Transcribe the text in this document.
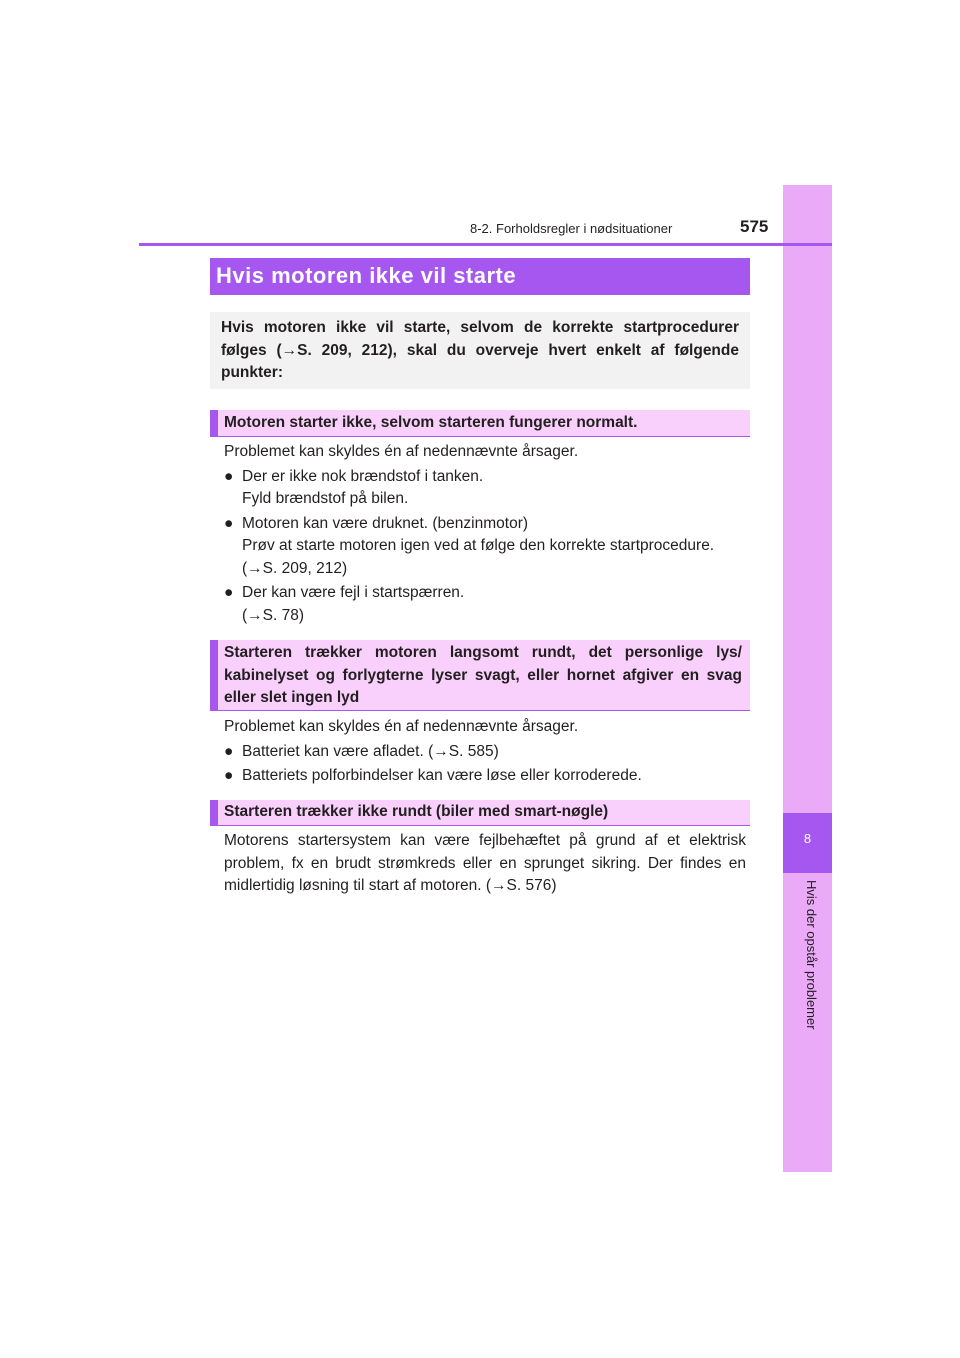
8
Hvis der opstår problemer
8-2. Forholdsregler i nødsituationer	575
Hvis motoren ikke vil starte
Hvis motoren ikke vil starte, selvom de korrekte startprocedurer følges (→S. 209, 212), skal du overveje hvert enkelt af følgende punkter:
Motoren starter ikke, selvom starteren fungerer normalt.

Problemet kan skyldes én af nedennævnte årsager.

● Der er ikke nok brændstof i tanken.
Fyld brændstof på bilen.
● Motoren kan være druknet. (benzinmotor)
Prøv at starte motoren igen ved at følge den korrekte startprocedure. (→S. 209, 212)
● Der kan være fejl i startspærren.
(→S. 78)
Starteren trækker motoren langsomt rundt, det personlige lys/ kabinelyset og forlygterne lyser svagt, eller hornet afgiver en svag eller slet ingen lyd

Problemet kan skyldes én af nedennævnte årsager.

● Batteriet kan være afladet. (→S. 585)
● Batteriets polforbindelser kan være løse eller korroderede.
Starteren trækker ikke rundt (biler med smart-nøgle)

Motorens startersystem kan være fejlbehæftet på grund af et elektrisk problem, fx en brudt strømkreds eller en sprunget sikring. Der findes en midlertidig løsning til start af motoren. (→S. 576)
